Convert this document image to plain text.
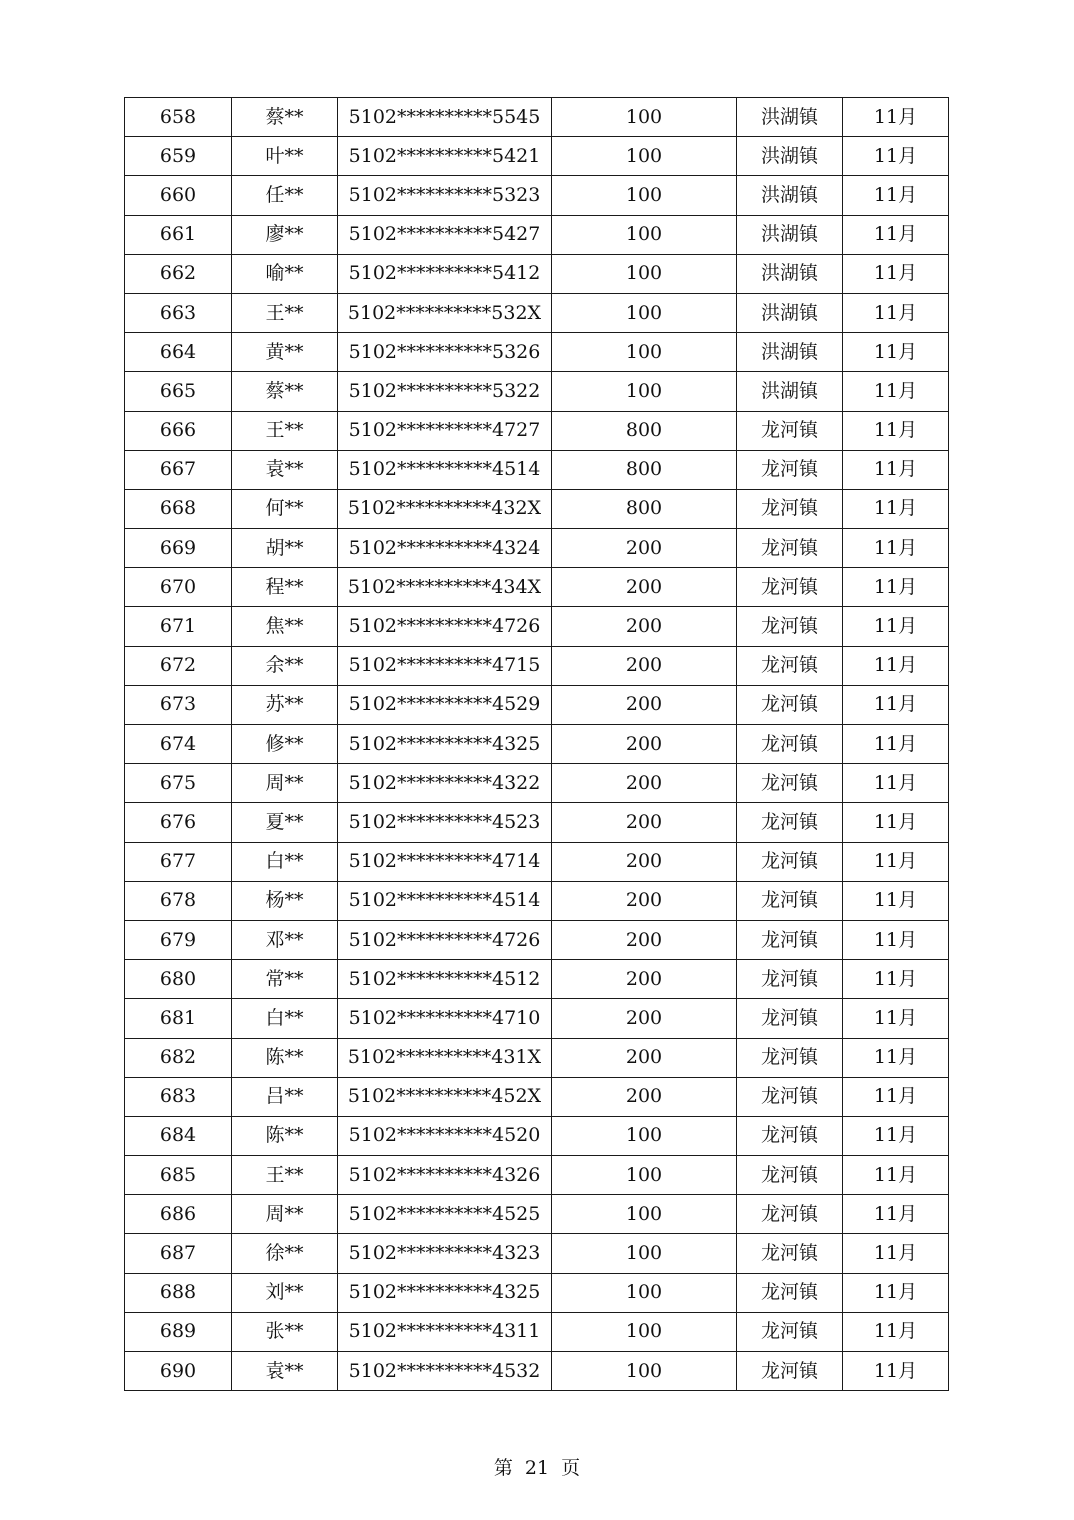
658	蔡**	5102**********5545	100	洪湖镇	11月
659	叶**	5102**********5421	100	洪湖镇	11月
660	任**	5102**********5323	100	洪湖镇	11月
661	廖**	5102**********5427	100	洪湖镇	11月
662	喻**	5102**********5412	100	洪湖镇	11月
663	王**	5102**********532X	100	洪湖镇	11月
664	黄**	5102**********5326	100	洪湖镇	11月
665	蔡**	5102**********5322	100	洪湖镇	11月
666	王**	5102**********4727	800	龙河镇	11月
667	袁**	5102**********4514	800	龙河镇	11月
668	何**	5102**********432X	800	龙河镇	11月
669	胡**	5102**********4324	200	龙河镇	11月
670	程**	5102**********434X	200	龙河镇	11月
671	焦**	5102**********4726	200	龙河镇	11月
672	余**	5102**********4715	200	龙河镇	11月
673	苏**	5102**********4529	200	龙河镇	11月
674	修**	5102**********4325	200	龙河镇	11月
675	周**	5102**********4322	200	龙河镇	11月
676	夏**	5102**********4523	200	龙河镇	11月
677	白**	5102**********4714	200	龙河镇	11月
678	杨**	5102**********4514	200	龙河镇	11月
679	邓**	5102**********4726	200	龙河镇	11月
680	常**	5102**********4512	200	龙河镇	11月
681	白**	5102**********4710	200	龙河镇	11月
682	陈**	5102**********431X	200	龙河镇	11月
683	吕**	5102**********452X	200	龙河镇	11月
684	陈**	5102**********4520	100	龙河镇	11月
685	王**	5102**********4326	100	龙河镇	11月
686	周**	5102**********4525	100	龙河镇	11月
687	徐**	5102**********4323	100	龙河镇	11月
688	刘**	5102**********4325	100	龙河镇	11月
689	张**	5102**********4311	100	龙河镇	11月
690	袁**	5102**********4532	100	龙河镇	11月
第 21 页
